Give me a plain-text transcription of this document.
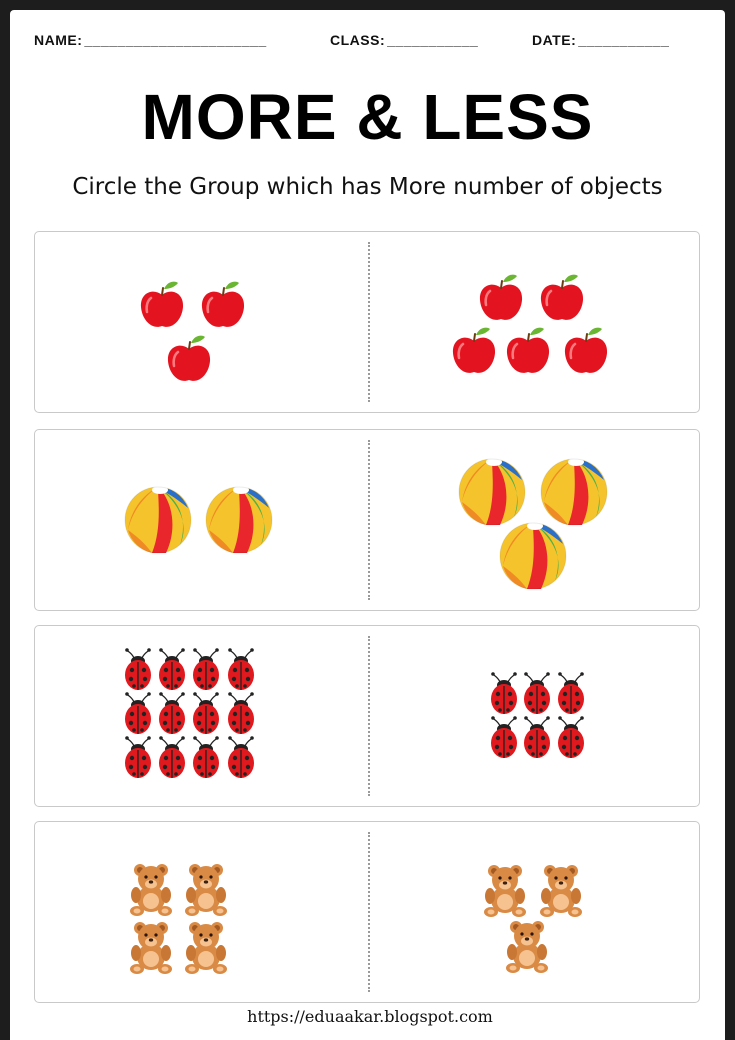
NAME: ______________________	CLASS: ___________	DATE: ___________
MORE & LESS
Circle the Group which has More number of objects
https://eduaakar.blogspot.com
